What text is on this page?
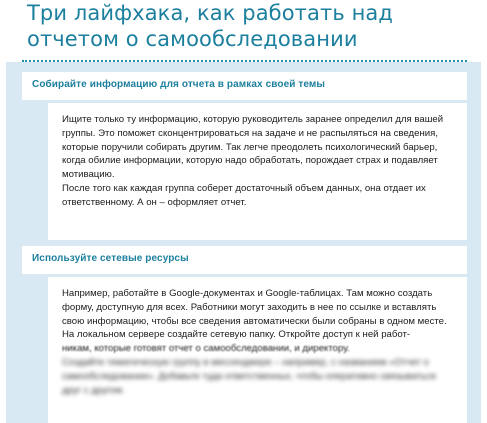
Три лайфхака, как работать над отчетом о самообследовании
Собирайте информацию для отчета в рамках своей темы

Ищите только ту информацию, которую руководитель заранее определил для вашей группы. Это поможет сконцентрироваться на задаче и не распыляться на сведения, которые поручили собирать другим. Так легче преодолеть психологический барьер, когда обилие информации, которую надо обработать, порождает страх и подавляет мотивацию.

После того как каждая группа соберет достаточный объем данных, она отдает их ответственному. А он – оформляет отчет.

Используйте сетевые ресурсы

Например, работайте в Google-документах и Google-таблицах. Там можно создать форму, доступную для всех. Работники могут заходить в нее по ссылке и вставлять свою информацию, чтобы все сведения автоматически были собраны в одном месте.

На локальном сервере создайте сетевую папку. Откройте доступ к ней работ-

никам, которые готовят отчет о самообследовании, и директору.

Создайте тематическую группу в мессенджере – например, с названием «Отчет о самообследовании». Добавьте туда ответственных, чтобы оперативно связываться друг с другом.
